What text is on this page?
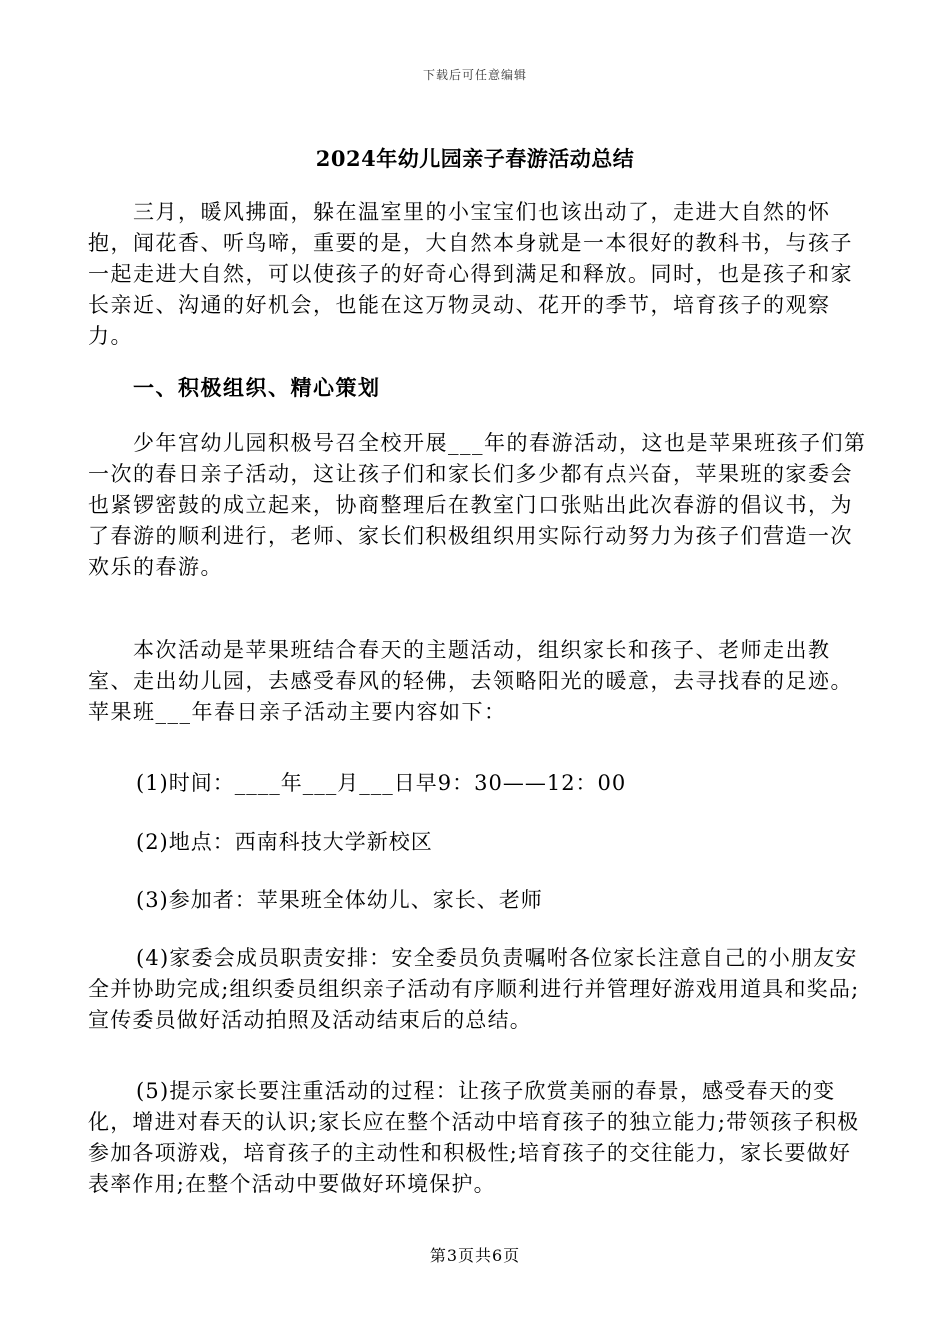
下载后可任意编辑
2024年幼儿园亲子春游活动总结

三月，暖风拂面，躲在温室里的小宝宝们也该出动了，走进大自然的怀抱，闻花香、听鸟啼，重要的是，大自然本身就是一本很好的教科书，与孩子一起走进大自然，可以使孩子的好奇心得到满足和释放。同时，也是孩子和家长亲近、沟通的好机会，也能在这万物灵动、花开的季节，培育孩子的观察力。

一、积极组织、精心策划

少年宫幼儿园积极号召全校开展___年的春游活动，这也是苹果班孩子们第一次的春日亲子活动，这让孩子们和家长们多少都有点兴奋，苹果班的家委会也紧锣密鼓的成立起来，协商整理后在教室门口张贴出此次春游的倡议书，为了春游的顺利进行，老师、家长们积极组织用实际行动努力为孩子们营造一次欢乐的春游。

本次活动是苹果班结合春天的主题活动，组织家长和孩子、老师走出教室、走出幼儿园，去感受春风的轻佛，去领略阳光的暖意，去寻找春的足迹。苹果班___年春日亲子活动主要内容如下：

(1)时间：____年___月___日早9：30——12：00

(2)地点：西南科技大学新校区

(3)参加者：苹果班全体幼儿、家长、老师

(4)家委会成员职责安排：安全委员负责嘱咐各位家长注意自己的小朋友安全并协助完成;组织委员组织亲子活动有序顺利进行并管理好游戏用道具和奖品;宣传委员做好活动拍照及活动结束后的总结。

(5)提示家长要注重活动的过程：让孩子欣赏美丽的春景，感受春天的变化，增进对春天的认识;家长应在整个活动中培育孩子的独立能力;带领孩子积极参加各项游戏，培育孩子的主动性和积极性;培育孩子的交往能力，家长要做好表率作用;在整个活动中要做好环境保护。

第3页共6页
